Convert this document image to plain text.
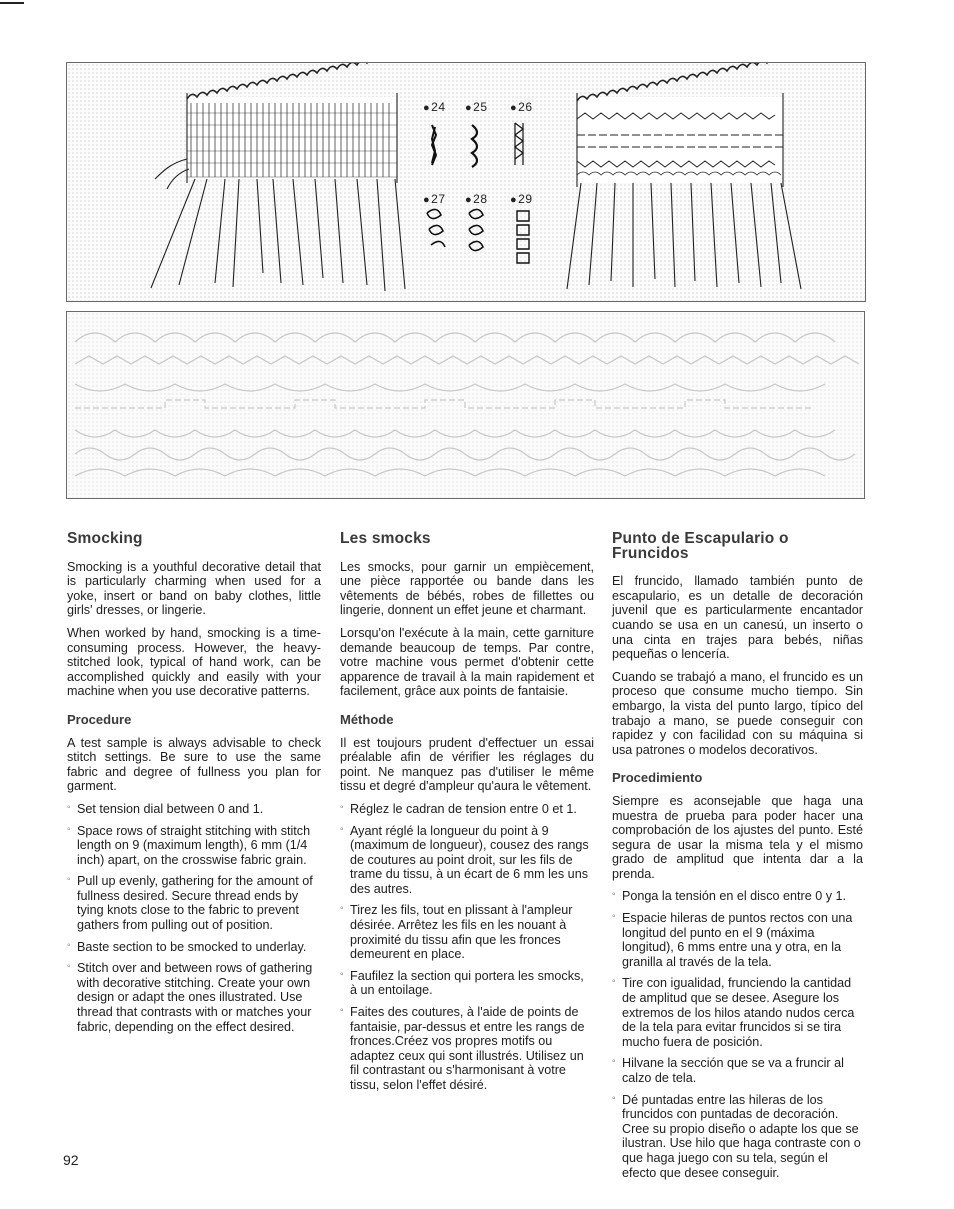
● 24	● 25	● 26
● 27	● 28	● 29
Smocking

Smocking is a youthful decorative detail that is particularly charming when used for a yoke, insert or band on baby clothes, little girls' dresses, or lingerie.

When worked by hand, smocking is a time-consuming process. However, the heavy-stitched look, typical of hand work, can be accomplished quickly and easily with your machine when you use decorative patterns.

Procedure

A test sample is always advisable to check stitch settings. Be sure to use the same fabric and degree of fullness you plan for garment.

◦ Set tension dial between 0 and 1.
◦ Space rows of straight stitching with stitch length on 9 (maximum length), 6 mm (1/4 inch) apart, on the crosswise fabric grain.
◦ Pull up evenly, gathering for the amount of fullness desired. Secure thread ends by tying knots close to the fabric to prevent gathers from pulling out of position.
◦ Baste section to be smocked to underlay.
◦ Stitch over and between rows of gathering with decorative stitching. Create your own design or adapt the ones illustrated. Use thread that contrasts with or matches your fabric, depending on the effect desired.
Les smocks

Les smocks, pour garnir un empiècement, une pièce rapportée ou bande dans les vêtements de bébés, robes de fillettes ou lingerie, donnent un effet jeune et charmant.

Lorsqu'on l'exécute à la main, cette garniture demande beaucoup de temps. Par contre, votre machine vous permet d'obtenir cette apparence de travail à la main rapidement et facilement, grâce aux points de fantaisie.

Méthode

Il est toujours prudent d'effectuer un essai préalable afin de vérifier les réglages du point. Ne manquez pas d'utiliser le même tissu et degré d'ampleur qu'aura le vêtement.

◦ Réglez le cadran de tension entre 0 et 1.
◦ Ayant réglé la longueur du point à 9 (maximum de longueur), cousez des rangs de coutures au point droit, sur les fils de trame du tissu, à un écart de 6 mm les uns des autres.
◦ Tirez les fils, tout en plissant à l'ampleur désirée. Arrêtez les fils en les nouant à proximité du tissu afin que les fronces demeurent en place.
◦ Faufilez la section qui portera les smocks, à un entoilage.
◦ Faites des coutures, à l'aide de points de fantaisie, par-dessus et entre les rangs de fronces.Créez vos propres motifs ou adaptez ceux qui sont illustrés. Utilisez un fil contrastant ou s'harmonisant à votre tissu, selon l'effet désiré.
Punto de Escapulario o Fruncidos

El fruncido, llamado también punto de escapulario, es un detalle de decoración juvenil que es particularmente encantador cuando se usa en un canesú, un inserto o una cinta en trajes para bebés, niñas pequeñas o lencería.

Cuando se trabajó a mano, el fruncido es un proceso que consume mucho tiempo. Sin embargo, la vista del punto largo, típico del trabajo a mano, se puede conseguir con rapidez y con facilidad con su máquina si usa patrones o modelos decorativos.

Procedimiento

Siempre es aconsejable que haga una muestra de prueba para poder hacer una comprobación de los ajustes del punto. Esté segura de usar la misma tela y el mismo grado de amplitud que intenta dar a la prenda.

◦ Ponga la tensión en el disco entre 0 y 1.
◦ Espacie hileras de puntos rectos con una longitud del punto en el 9 (máxima longitud), 6 mms entre una y otra, en la granilla al través de la tela.
◦ Tire con igualidad, frunciendo la cantidad de amplitud que se desee. Asegure los extremos de los hilos atando nudos cerca de la tela para evitar fruncidos si se tira mucho fuera de posición.
◦ Hilvane la sección que se va a fruncir al calzo de tela.
◦ Dé puntadas entre las hileras de los fruncidos con puntadas de decoración. Cree su propio diseño o adapte los que se ilustran. Use hilo que haga contraste con o que haga juego con su tela, según el efecto que desee conseguir.
92
